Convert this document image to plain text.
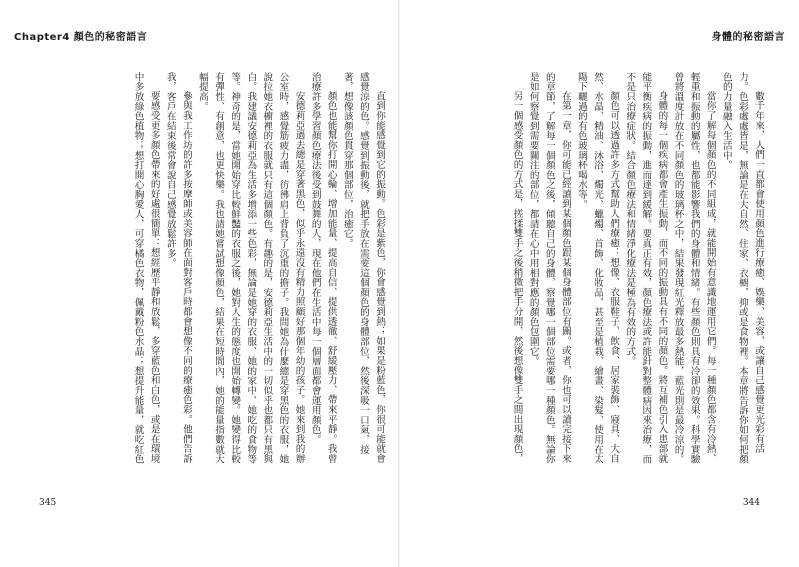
Chapter4 顏色的秘密語言

直到你能感覺到它的振動。色彩是紫色，你會感覺到熱；如果是粉藍色，你很可能就會感覺涼的色。感覺到振動後，就把手放在需要這個顏色的身體部位，然後深吸一口氣，接著，想像該顏色貫穿那個部位，治癒它。

顏色也能幫你打開心輪、增加能量、提高自信、提供透徹、舒緩壓力、帶來平靜。我曾治療許多學習顏色療法後受到鼓舞的人，現在他們在生活中每一個層面都會運用顏色。

安德莉亞過去總是穿著黑色，似乎永遠沒有精力照顧好那個年幼的孩子。她來到我的辦公室時，感覺筋疲力盡，彷彿肩上背負了沉重的擔子。我問她為什麼總是穿黑色的衣服，她說拉她衣櫥裡的衣服就只有這個顏色。有趣的是，安德莉亞生活中的一切似乎也都只有黑與白。我建議安德莉亞為生活多增添一些色彩，無論是她穿的衣服、她的家中、她吃的食物等等。神奇的是，當她開始穿比較鮮豔的衣服之後，她對人生的態度也開始轉變。她變得比較有彈性、有創意，也更快樂。我也請她嘗試想像顏色，結果在短時間內，她的能量指數就大幅提高。

參與我工作坊的許多按摩師或美容師在面對客戶時都會想像不同的療癒色彩。他們告訴我，客戶在結束後常會說自己感覺放鬆許多。

要感受更多顏色帶來的好處很簡單：想經歷平靜和放鬆，多穿藍色和白色，或是在環境中多放綠色植物；想打開心胸愛人，可穿橘色衣物，佩戴粉色水晶；想提升能量，就吃紅色

345
身體的秘密語言

數千年來，人們一直都會使用顏色進行療癒、娛樂、美容，或讓自己感覺更光彩有活力。色彩處處皆是，無論是在大自然、住家、衣櫥，抑或是食物裡。本章將告訴你如何把顏色的力量融入生活中。

當你了解每個顏色的不同組成，就能開始有意識地運用它們。每一種顏色都含有冷熱、輕重和振動的屬性，也都能影響我們的身體和情緒。有些顏色則具有冷卻的效果。科學實驗曾將溫度計放在不同顏色的玻璃杯之中，結果發現紅光釋放最多熱能，藍光則是最冷涼的。

身體的每一個疾病都會產生振動，而不同的振動具有不同的顏色。將互補色引入患部就能平衡疾病的振動，進而達到緩解。要真正有效，顏色療法或許能針對整體病因來治療，而不是只治療症狀。結合顏色療法和情緒淨化療法是極為有效的方式。

顏色可以透過許多方式幫助人們療癒：想像、衣服鞋子、飲食、居家裝飾、寢具、大自然、水晶、精油、沐浴、燭光、蠟燭、首飾、化妝品，甚至是植栽、繪畫、染髮、使用在太陽下曬過的有色玻璃杯喝水等。

在第一章，你可能已經讀到某個顏色跟某個身體部位有關。或者，你也可以讀完接下來的章節，了解每一個顏色之後，傾聽自己的身體，察覺哪一個部位需要哪一種顏色。無論你是如何察覺到需要關注的部位，都請在心中用相對應的顏色包圍它。

另一個感受顏色的方式是，搓揉雙手之後稍微把手分開，然後想像雙手之間出現顏色，

344
